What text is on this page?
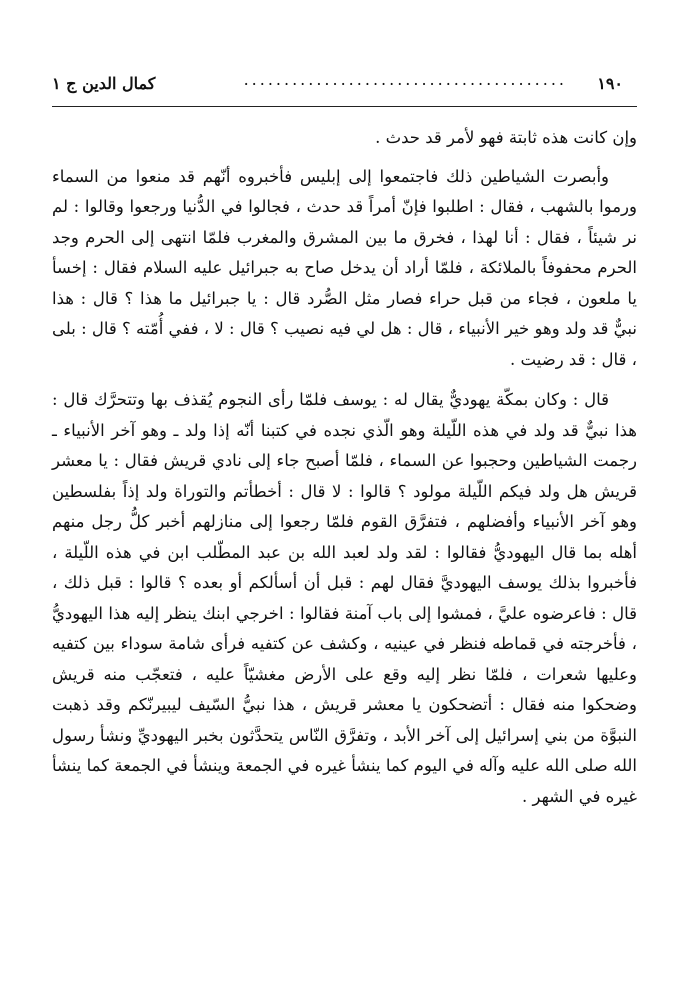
١٩٠
........................................
كمال الدين ج ١

وإن كانت هذه ثابتة فهو لأمر قد حدث .

وأبصرت الشياطين ذلك فاجتمعوا إلى إبليس فأخبروه أنّهم قد منعوا من السماء ورموا بالشهب ، فقال : اطلبوا فإنّ أمراً قد حدث ، فجالوا في الدُّنيا ورجعوا وقالوا : لم نر شيئاً ، فقال : أنا لهذا ، فخرق ما بين المشرق والمغرب فلمّا انتهى إلى الحرم وجد الحرم محفوفاً بالملائكة ، فلمّا أراد أن يدخل صاح به جبرائيل عليه السلام فقال : إخسأ يا ملعون ، فجاء من قبل حراء فصار مثل الصُّرد قال : يا جبرائيل ما هذا ؟ قال : هذا نبيٌّ قد ولد وهو خير الأنبياء ، قال : هل لي فيه نصيب ؟ قال : لا ، ففي أُمّته ؟ قال : بلى ، قال : قد رضيت .

قال : وكان بمكّة يهوديٌّ يقال له : يوسف فلمّا رأى النجوم يُقذف بها وتتحرَّك قال : هذا نبيٌّ قد ولد في هذه اللّيلة وهو الّذي نجده في كتبنا أنّه إذا ولد ـ وهو آخر الأنبياء ـ رجمت الشياطين وحجبوا عن السماء ، فلمّا أصبح جاء إلى نادي قريش فقال : يا معشر قريش هل ولد فيكم اللّيلة مولود ؟ قالوا : لا قال : أخطأتم والتوراة ولد إذاً بفلسطين وهو آخر الأنبياء وأفضلهم ، فتفرَّق القوم فلمّا رجعوا إلى منازلهم أخبر كلُّ رجل منهم أهله بما قال اليهوديُّ فقالوا : لقد ولد لعبد الله بن عبد المطّلب ابن في هذه اللّيلة ، فأخبروا بذلك يوسف اليهوديَّ فقال لهم : قبل أن أسألكم أو بعده ؟ قالوا : قبل ذلك ، قال : فاعرضوه عليَّ ، فمشوا إلى باب آمنة فقالوا : اخرجي ابنك ينظر إليه هذا اليهوديُّ ، فأخرجته في قماطه فنظر في عينيه ، وكشف عن كتفيه فرأى شامة سوداء بين كتفيه وعليها شعرات ، فلمّا نظر إليه وقع على الأرض مغشيّاً عليه ، فتعجّب منه قريش وضحكوا منه فقال : أتضحكون يا معشر قريش ، هذا نبيُّ السّيف ليبيرنّكم وقد ذهبت النبوَّة من بني إسرائيل إلى آخر الأبد ، وتفرَّق النّاس يتحدَّثون بخبر اليهوديِّ ونشأ رسول الله صلى الله عليه وآله في اليوم كما ينشأ غيره في الجمعة وينشأ في الجمعة كما ينشأ غيره في الشهر .
